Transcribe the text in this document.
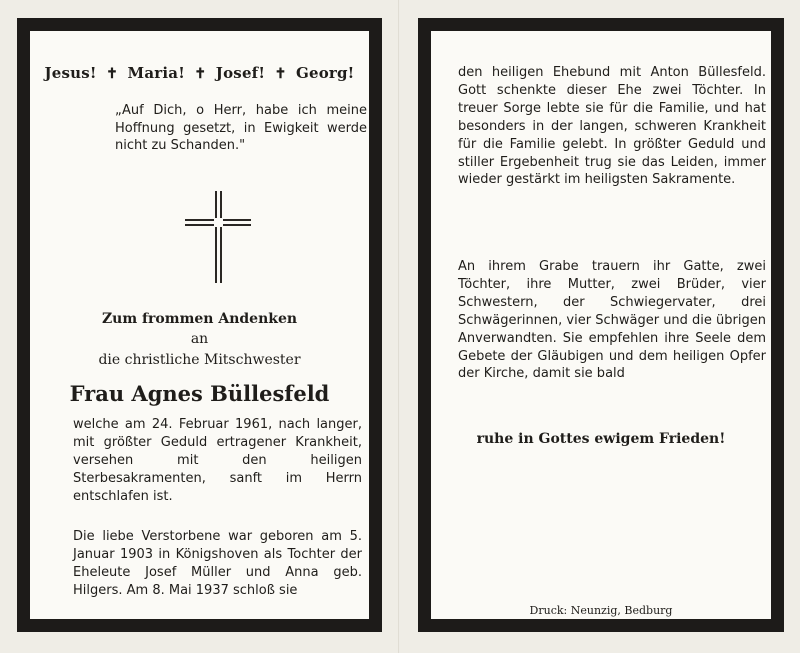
Jesus! ✝ Maria! ✝ Josef! ✝ Georg!

„Auf Dich, o Herr, habe ich meine Hoffnung gesetzt, in Ewigkeit werde nicht zu Schanden."

Zum frommen Andenken
an
die christliche Mitschwester
Frau Agnes Büllesfeld

welche am 24. Februar 1961, nach langer, mit größter Geduld ertragener Krankheit, versehen mit den heiligen Sterbesakramenten, sanft im Herrn entschlafen ist.

Die liebe Verstorbene war geboren am 5. Januar 1903 in Königshoven als Tochter der Eheleute Josef Müller und Anna geb. Hilgers. Am 8. Mai 1937 schloß sie

den heiligen Ehebund mit Anton Büllesfeld. Gott schenkte dieser Ehe zwei Töchter. In treuer Sorge lebte sie für die Familie, und hat besonders in der langen, schweren Krankheit für die Familie gelebt. In größter Geduld und stiller Ergebenheit trug sie das Leiden, immer wieder gestärkt im heiligsten Sakramente.

An ihrem Grabe trauern ihr Gatte, zwei Töchter, ihre Mutter, zwei Brüder, vier Schwestern, der Schwiegervater, drei Schwägerinnen, vier Schwäger und die übrigen Anverwandten. Sie empfehlen ihre Seele dem Gebete der Gläubigen und dem heiligen Opfer der Kirche, damit sie bald

ruhe in Gottes ewigem Frieden!
Druck: Neunzig, Bedburg
